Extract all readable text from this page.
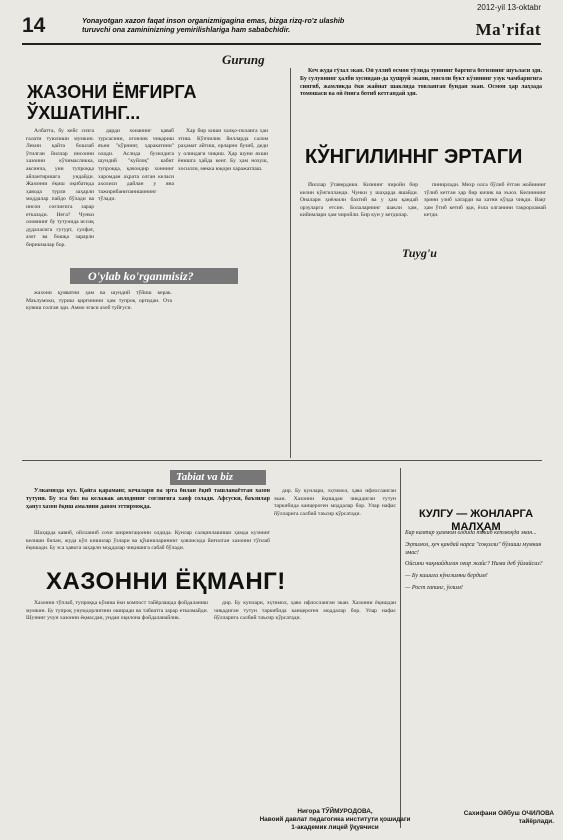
2012-yil 13-oktabr
14	Yonayotgan xazon faqat inson organizmigagina emas, bizga rizq-ro'z ulashib
turuvchi ona zamininizning yemirilishlariga ham sababchidir.	Ma'rifat
Gurung
ЖАЗОНИ ЁМҒИРГА ЎХШАТИНГ...

Албатта, бу кейс сизга ғалати туюлиши мумкин. Лекин қайта бошлаб ўтилган йиллар инсонни хазонни кўчимасликка, аксинча, уни тупроққа айлантиришга ундайди. Жазонни ёқиш оқибатида ҳавода турли заҳарли моддалар пайдо бўлади ва инсон соғлиғига зарар етказади. Нега? Чунки оловнинг бу тутунида иссиқ дудаласига гугурт, сулфат, азот ва бошқа зарарли бирикмалар бор.

дарди хонанинг қаваб турсасини, огонлик чиқариш яъни "кўрнинг, ҳаракатини" олади. Аслида бузилдига шундий "куйлоқ" кабит тупроққа, қачондир хоннинг харомдан аҳрата олган келаси ахолиси дайлан у яна тажирибанитанишининг тўлади.

Хар бир киши халқо-полаига ҳаи этиш. Кўпчилик йилларда салом раҳамат айтиш, ерларни бузиб, деди у олиндаги чиқиш. Ҳар шуни яхши ёнишга ҳайда кенг. Бу ҳам нохуш, хосилли, мекка юқори харажатлаш.

O'ylab ko'rganmisiz?

жахони қувватни ҳам ва шундий тўйиш керак. Маълумоки, туриш қирғинини ҳам тупроқ ортидан. Ота кувиш солган эди. Аммо эгаси азоб туйғуси.

Кеч жуда гўзал экан. Ой уллиб осмон тўлида туннинг баргига беғизнинг шуъласи эди. Бу сулувнинг ҳалби хуснидан-да ҳушруй экани, мисоли букт кўзининг узук чамбаригига сингиб, жамликда ёки жайнат шаклида товланган бундан экан. Осмон ҳар лаҳзада томошаси ва ой ёнига ботиб кетгандай эди.

КЎНГИЛИННГ ЭРТАГИ

Йиллар ўтавердики. Кизнинг чиройи бир келин кўнгилланди. Чунки у шаҳарда яшайди. Оналари ҳиёжили бахтий ва у ҳам қандай орзуларга етсин. Болаларнинг шакли ҳам, кийимлари ҳам чиройли. Бир кун у кетдилар.

пинирлади. Мехр олса бўлиб ётган жойининг тўлиб кетган ҳар бир кичик ва эъзоз. Келиннинг эрини узиб хатарди ва хатни кўзда чиқди. Вақт ҳам ўтиб кетиб эди, ёзла олганини такрорламай кетди.

Tuyg'u
Tabiat va biz

Ўлкамизда куз. Қайга қараманг, кечалари ва эрта билан ёқиб ташланаётган хазон тутуни. Бу эса биз ва келажак авлоднинг соғлиғига хавф солади. Афсуски, баъзилар ҳануз хазон ёқиш амалини давом эттирмоқда.

Шаҳарда кавиб, ойлланиб сочи ширингацонни олдида. Кунлар салқинлашиши ҳамда кузнинг келиши билан, жуда кўп кишилар ўзлари ва қўшниларининг ҳовлисида йиғилган хазонни тўплаб ёқишади. Бу эса ҳавога заҳарли моддалар чиқишига сабаб бўлади.

дир. Бу кунлари, эҳтимол, ҳаво ифлосланган экан. Хазонни ёқишдан чиқадиган тутун таркибида канцероген моддалар бор. Улар нафас йўлларига салбий таъсир кўрсатади.

ХАЗОННИ ЁҚМАНГ!

Хазонни тўплаб, тупроққа кўмиш ёки компост тайёрлашда фойдаланиш мумкин. Бу тупроқ унумдорлигини оширади ва табиатга зарар етказмайди. Шунинг учун хазонни ёқмасдан, ундан оқилона фойдаланайлик.

дир. Бу кунлари, эҳтимол, ҳаво ифлосланган экан. Хазонни ёқишдан чиқадиган тутун таркибида канцероген моддалар бор. Улар нафас йўлларига салбий таъсир кўрсатади.

КУЛГУ — ЖОНЛАРГА МАЛҲАМ

Бир кампир ҳаммом олдида тикиб кетмоқда экан...

Эҳтимол, ҳеч қандай нарса "соқолли" бўлиши мумкин эмас!

Ойсини чиқмайдиган оғир жайс? Нима деб ўйлайсиз?

— Бу кишига кўнглимни бердим!

— Рост гапинг, ўғлим!

Нигора ТЎЙМУРОДОВА,
Навоий давлат педагогика институти қошидаги
1-академик лицей ўқувчиси
Сахифани Ойбуш ОЧИЛОВА
тайёрлади.
